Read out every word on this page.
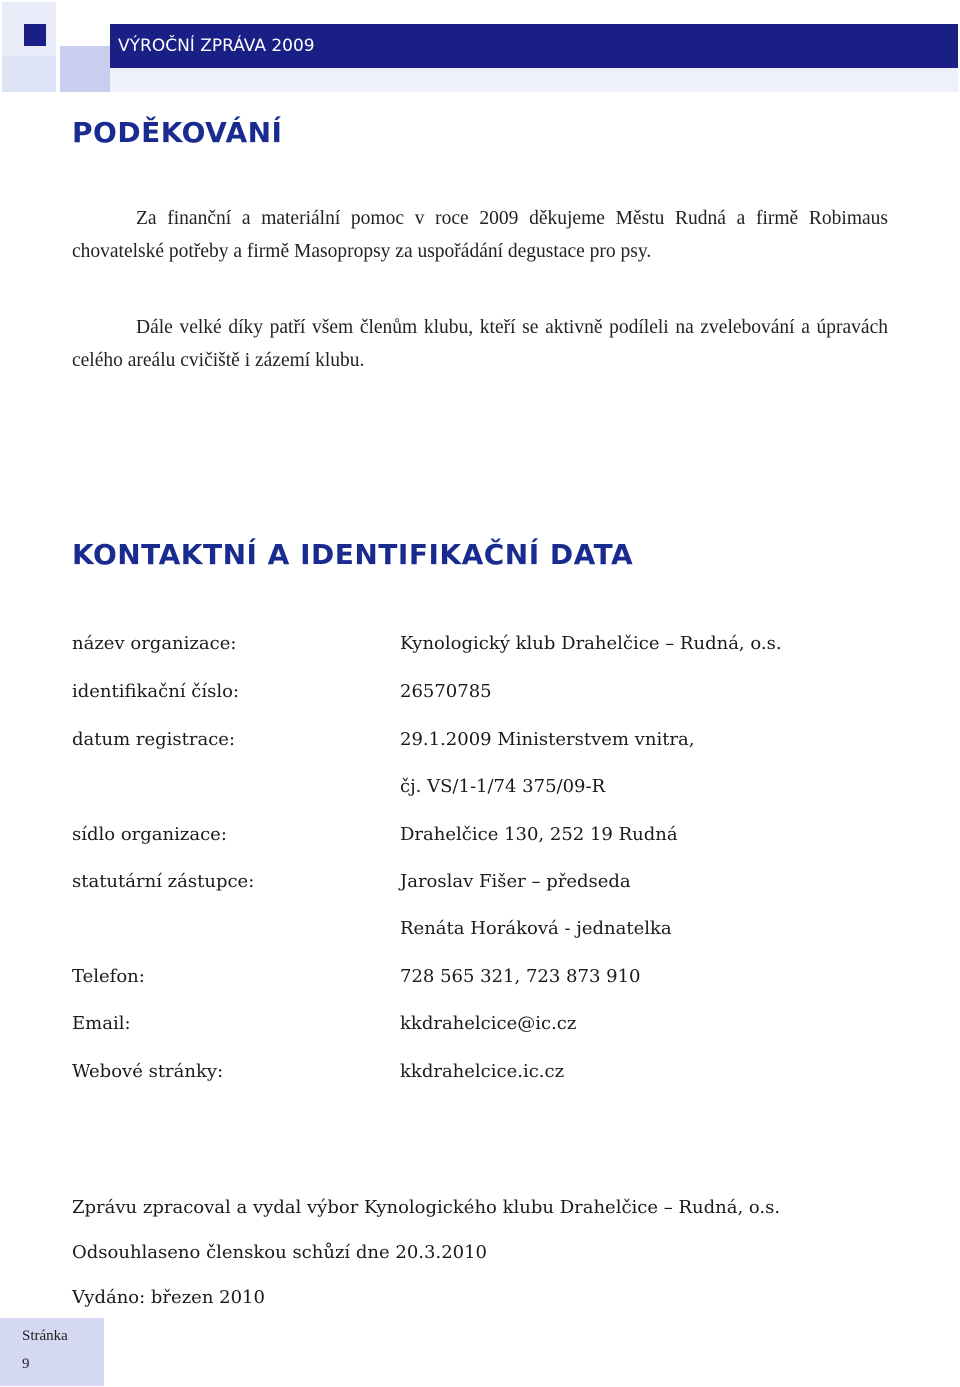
VÝROČNÍ ZPRÁVA 2009
PODĚKOVÁNÍ

Za finanční a materiální pomoc v roce 2009 děkujeme Městu Rudná a firmě Robimaus chovatelské potřeby a firmě Masopropsy za uspořádání degustace pro psy.

Dále velké díky patří všem členům klubu, kteří se aktivně podíleli na zvelebování a úpravách celého areálu cvičiště i zázemí klubu.

KONTAKTNÍ A IDENTIFIKAČNÍ DATA
název organizace:	Kynologický klub Drahelčice – Rudná, o.s.
identifikační číslo:	26570785
datum registrace:	29.1.2009 Ministerstvem vnitra,
čj. VS/1-1/74 375/09-R
sídlo organizace:	Drahelčice 130, 252 19 Rudná
statutární zástupce:	Jaroslav Fišer – předseda
Renáta Horáková - jednatelka
Telefon:	728 565 321, 723 873 910
Email:	kkdrahelcice@ic.cz
Webové stránky:	kkdrahelcice.ic.cz
Zprávu zpracoval a vydal výbor Kynologického klubu Drahelčice – Rudná, o.s.
Odsouhlaseno členskou schůzí dne 20.3.2010
Vydáno: březen 2010
Stránka
9
